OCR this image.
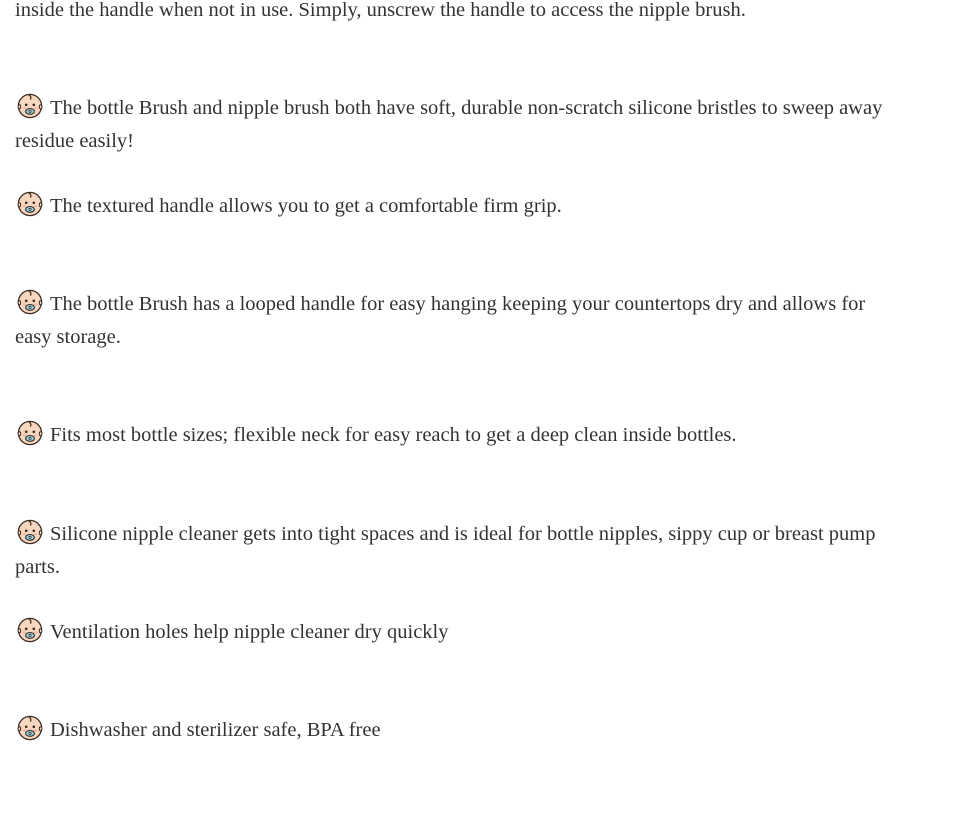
inside the handle when not in use. Simply, unscrew the handle to access the nipple brush.

The bottle Brush and nipple brush both have soft, durable non-scratch silicone bristles to sweep away residue easily!

The textured handle allows you to get a comfortable firm grip.

The bottle Brush has a looped handle for easy hanging keeping your countertops dry and allows for easy storage.

Fits most bottle sizes; flexible neck for easy reach to get a deep clean inside bottles.

Silicone nipple cleaner gets into tight spaces and is ideal for bottle nipples, sippy cup or breast pump parts.

Ventilation holes help nipple cleaner dry quickly

Dishwasher and sterilizer safe, BPA free
